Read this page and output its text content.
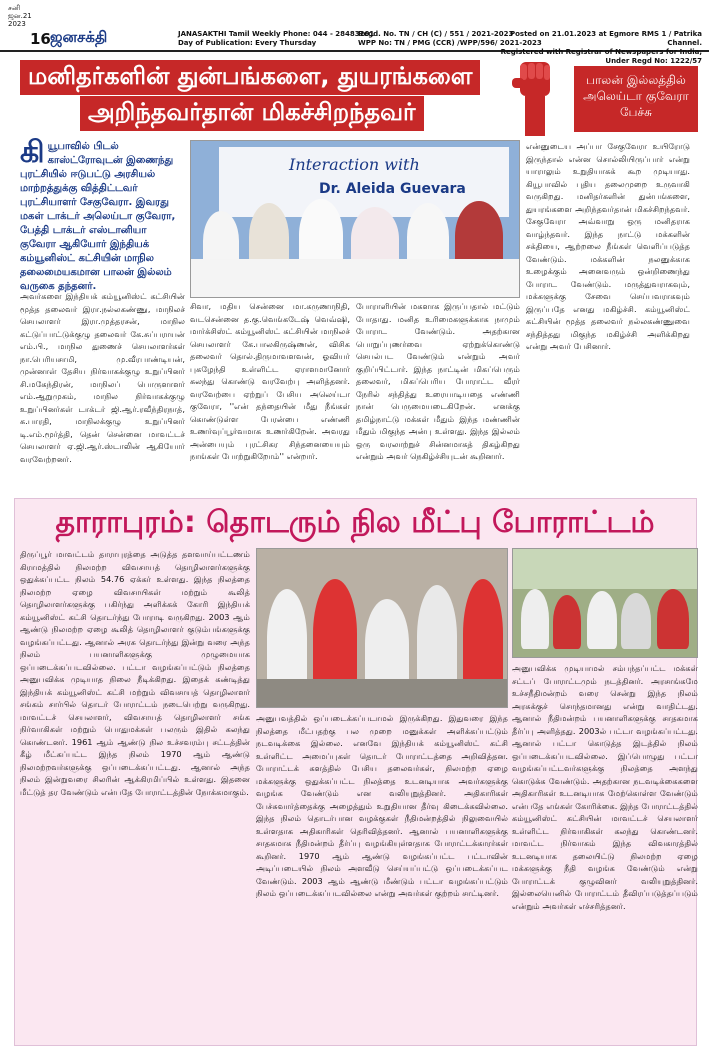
சனி
ஜன.21
2023
16 ஜனசக்தி	JANASAKTHI Tamil Weekly Phone: 044 - 28483201
Day of Publication: Every Thursday
Regd. No. TN / CH (C) / 551 / 2021-2023
WPP No: TN / PMG (CCR) /WPP/596/ 2021-2023
Posted on 21.01.2023 at Egmore RMS 1 / Patrika Channel.
Registered with Registrar of Newspapers for India, Under Regd No: 1222/57
மனிதர்களின் துன்பங்களை, துயரங்களை
அறிந்தவர்தான் மிகச்சிறந்தவர்
பாலன் இல்லத்தில் அலெய்டா குவேரா பேச்சு
கியூபாவில் பிடல் காஸ்ட்ரோவுடன் இணைந்து புரட்சியில் ஈடுபட்டு அரசியல் மாற்றத்துக்கு வித்திட்டவர் புரட்சியாளர் சேகுவேரா. இவரது மகள் டாக்டர் அலெய்டா குவேரா, பேத்தி டாக்டர் எஸ்டானியா குவேரா ஆகியோர் இந்தியக் கம்யூனிஸ்ட் கட்சியின் மாநில தலைமையகமான பாலன் இல்லம் வருகை தந்தனர்.
Interaction with
Dr. Aleida Guevara
அவர்களை இந்தியக் கம்யூனிஸ்ட் கட்சியின் மூத்த தலைவர் இரா.நல்லகண்ணு, மாநிலச் செயலாளர் இரா.முத்தரசன், மாநில கட்டுப்பாட்டுக்குழு தலைவர் கே.சுப்பராயன் எம்.பி., மாநில துணைச் செயலாளர்கள் நா.பெரியசாமி, மு.வீரபாண்டியன், முன்னாள் தேசிய நிர்வாகக்குழு உறுப்பினர் சி.மகேந்திரன், மாநிலப் பொருளாளர் எம்.ஆறுமுகம், மாநில நிர்வாகக்குழு உறுப்பினர்கள் டாக்டர் ஜி.ஆர்.ரவீந்திரநாத், க.பாரதி, மாநிலக்குழு உறுப்பினர் டி.எம்.மூர்த்தி, தென் சென்னை மாவட்டச் செயலாளர் ஏ.ஜி.ஆர்.ஸ்டாலின் ஆகியோர் வரவேற்றனர்.
சிவா, மதிய சென்னை மா.கருணாநிதி, வடசென்னை த.கு.வெங்கடேஷ் வெவ்ஷி, மார்க்சிஸ்ட் கம்யூனிஸ்ட் கட்சியின் மாநிலச் செயலாளர் கே.பாலகிருஷ்ணன், விசிக தலைவர் தொல்.திருமாவளவன், ஓவியர் புகழேந்தி உள்ளிட்ட ஏராளமானோர் கலந்து கொண்டு வரவேற்பு அளித்தனர். வரவேற்பை ஏற்றுப் பேசிய அலெய்டா குவேரா, ''என் தந்தையின் மீது நீங்கள் கொண்டுள்ள பேரன்பை எண்ணி உணர்வுப்பூர்வமாக உணர்கிறேன். அவரது அன்பையும் புரட்சிகர சிந்தனையையும் நாங்கள் போற்றுகிறோம்'' என்றார்.
போராளியின் மகளாக இருப்பதால் மட்டும் போதாது. மனித உரிமைகளுக்காக நாமும் போராட வேண்டும். அதற்கான பொறுப்புணர்வை ஏற்றுக்கொண்டு செயல்பட வேண்டும் என்றும் அவர் குறிப்பிட்டார். இந்த நாட்டின் மிகப்பெரும் தலைவர், மிகப்பெரிய போராட்ட வீரர் நேரில் சந்தித்து உரையாடியதை எண்ணி நான் பெருமையடைகிறேன். எனக்கு தமிழ்நாட்டு மக்கள் மீதும் இந்த மண்ணின் மீதும் மிகுந்த அன்பு உள்ளது. இந்த இல்லம் ஒரு வரலாற்றுச் சின்னமாகத் திகழ்கிறது என்றும் அவர் நெகிழ்ச்சியுடன் கூறினார்.
என்னுடைய அப்பா சேகுவேரா உயிரோடு இருந்தால் என்ன சொல்லியிருப்பார் என்று யாராலும் உறுதியாகக் கூற முடியாது. கியூபாவில் புதிய தலைமுறை உருவாகி வருகிறது. மனிதர்களின் துன்பங்களை, துயரங்களை அறிந்தவர்தான் மிகச்சிறந்தவர். சேகுவேரா அவ்வாறு ஒரு மனிதராக வாழ்ந்தவர். இந்த நாட்டு மக்களின் சக்தியை, ஆற்றலை நீங்கள் வெளிப்படுத்த வேண்டும். மக்களின் நலனுக்காக உழைக்கும் அனைவரும் ஒன்றிணைந்து போராட வேண்டும். மருத்துவராகவும், மக்களுக்கு சேவை செய்பவராகவும் இருப்பதே எனது மகிழ்ச்சி. கம்யூனிஸ்ட் கட்சியின் மூத்த தலைவர் நல்லகண்ணுவை சந்தித்தது மிகுந்த மகிழ்ச்சி அளிக்கிறது என்று அவர் பேசினார்.
தாராபுரம்: தொடரும் நில மீட்பு போராட்டம்
திருப்பூர் மாவட்டம் தாராபுரத்தை அடுத்த தளவாய்பட்டணம் கிராமத்தில் நிலமற்ற விவசாயத் தொழிலாளர்களுக்கு ஒதுக்கப்பட்ட நிலம் 54.76 ஏக்கர் உள்ளது. இந்த நிலத்தை நிலமற்ற ஏழை விவசாயிகள் மற்றும் கூலித் தொழிலாளர்களுக்கு பகிர்ந்து அளிக்கக் கோரி இந்தியக் கம்யூனிஸ்ட் கட்சி தொடர்ந்து போராடி வருகிறது. 2003 ஆம் ஆண்டு நிலமற்ற ஏழை கூலித் தொழிலாளர் குடும்பங்களுக்கு வழங்கப்பட்டது. ஆனால் அரசு தொடர்ந்து இன்று வரை அந்த நிலம் பயனாளிகளுக்கு முழுமையாக ஒப்படைக்கப்படவில்லை. பட்டா வழங்கப்பட்டும் நிலத்தை அனுபவிக்க முடியாத நிலை நீடிக்கிறது. இதைக் கண்டித்து இந்தியக் கம்யூனிஸ்ட் கட்சி மற்றும் விவசாயத் தொழிலாளர் சங்கம் சார்பில் தொடர் போராட்டம் நடைபெற்று வருகிறது. மாவட்டச் செயலாளர், விவசாயத் தொழிலாளர் சங்க நிர்வாகிகள் மற்றும் பொதுமக்கள் பலரும் இதில் கலந்து கொண்டனர். 1961 ஆம் ஆண்டு நில உச்சவரம்பு சட்டத்தின் கீழ் மீட்கப்பட்ட இந்த நிலம் 1970 ஆம் ஆண்டு நிலமற்றவர்களுக்கு ஒப்படைக்கப்பட்டது. ஆனால் அந்த நிலம் இன்றுவரை சிலரின் ஆக்கிரமிப்பில் உள்ளது. இதனை மீட்டுத் தர வேண்டும் என்பதே போராட்டத்தின் நோக்கமாகும்.
அனுபவத்தில் ஒப்படைக்கப்படாமல் இருக்கிறது. இதுவரை இந்த நிலத்தை மீட்பதற்கு பல முறை மனுக்கள் அளிக்கப்பட்டும் நடவடிக்கை இல்லை. எனவே இந்தியக் கம்யூனிஸ்ட் கட்சி உள்ளிட்ட அமைப்புகள் தொடர் போராட்டத்தை அறிவித்தன. போராட்டக் களத்தில் பேசிய தலைவர்கள், நிலமற்ற ஏழை மக்களுக்கு ஒதுக்கப்பட்ட நிலத்தை உடனடியாக அவர்களுக்கு வழங்க வேண்டும் என வலியுறுத்தினர். அதிகாரிகள் பேச்சுவார்த்தைக்கு அழைத்தும் உறுதியான தீர்வு கிடைக்கவில்லை. இந்த நிலம் தொடர்பான வழக்குகள் நீதிமன்றத்தில் நிலுவையில் உள்ளதாக அதிகாரிகள் தெரிவித்தனர். ஆனால் பயனாளிகளுக்கு சாதகமாக நீதிமன்றம் தீர்ப்பு வழங்கியுள்ளதாக போராட்டக்காரர்கள் கூறினர். 1970 ஆம் ஆண்டு வழங்கப்பட்ட பட்டாவின் அடிப்படையில் நிலம் அளவீடு செய்யப்பட்டு ஒப்படைக்கப்பட வேண்டும். 2003 ஆம் ஆண்டு மீண்டும் பட்டா வழங்கப்பட்டும் நிலம் ஒப்படைக்கப்படவில்லை என்று அவர்கள் குற்றம் சாட்டினர்.
அனுபவிக்க முடியாமல் சம்பந்தப்பட்ட மக்கள் சட்டப் போராட்டமும் நடத்தினர். அரசாங்கமே உச்சநீதிமன்றம் வரை சென்று இந்த நிலம் அரசுக்குச் சொந்தமானது என்று வாதிட்டது. ஆனால் நீதிமன்றம் பயனாளிகளுக்கு சாதகமாக தீர்ப்பு அளித்தது. 2003ல் பட்டா வழங்கப்பட்டது. ஆனால் பட்டா கொடுத்த இடத்தில் நிலம் ஒப்படைக்கப்படவில்லை. இப்பொழுது பட்டா வழங்கப்பட்டவர்களுக்கு நிலத்தை அளந்து கொடுக்க வேண்டும். அதற்கான நடவடிக்கைகளை அதிகாரிகள் உடனடியாக மேற்கொள்ள வேண்டும் என்பதே எங்கள் கோரிக்கை. இந்த போராட்டத்தில் கம்யூனிஸ்ட் கட்சியின் மாவட்டச் செயலாளர் உள்ளிட்ட நிர்வாகிகள் கலந்து கொண்டனர். மாவட்ட நிர்வாகம் இந்த விவகாரத்தில் உடனடியாக தலையிட்டு நிலமற்ற ஏழை மக்களுக்கு நீதி வழங்க வேண்டும் என்று போராட்டக் குழுவினர் வலியுறுத்தினர். இல்லையெனில் போராட்டம் தீவிரப்படுத்தப்படும் என்றும் அவர்கள் எச்சரித்தனர்.
